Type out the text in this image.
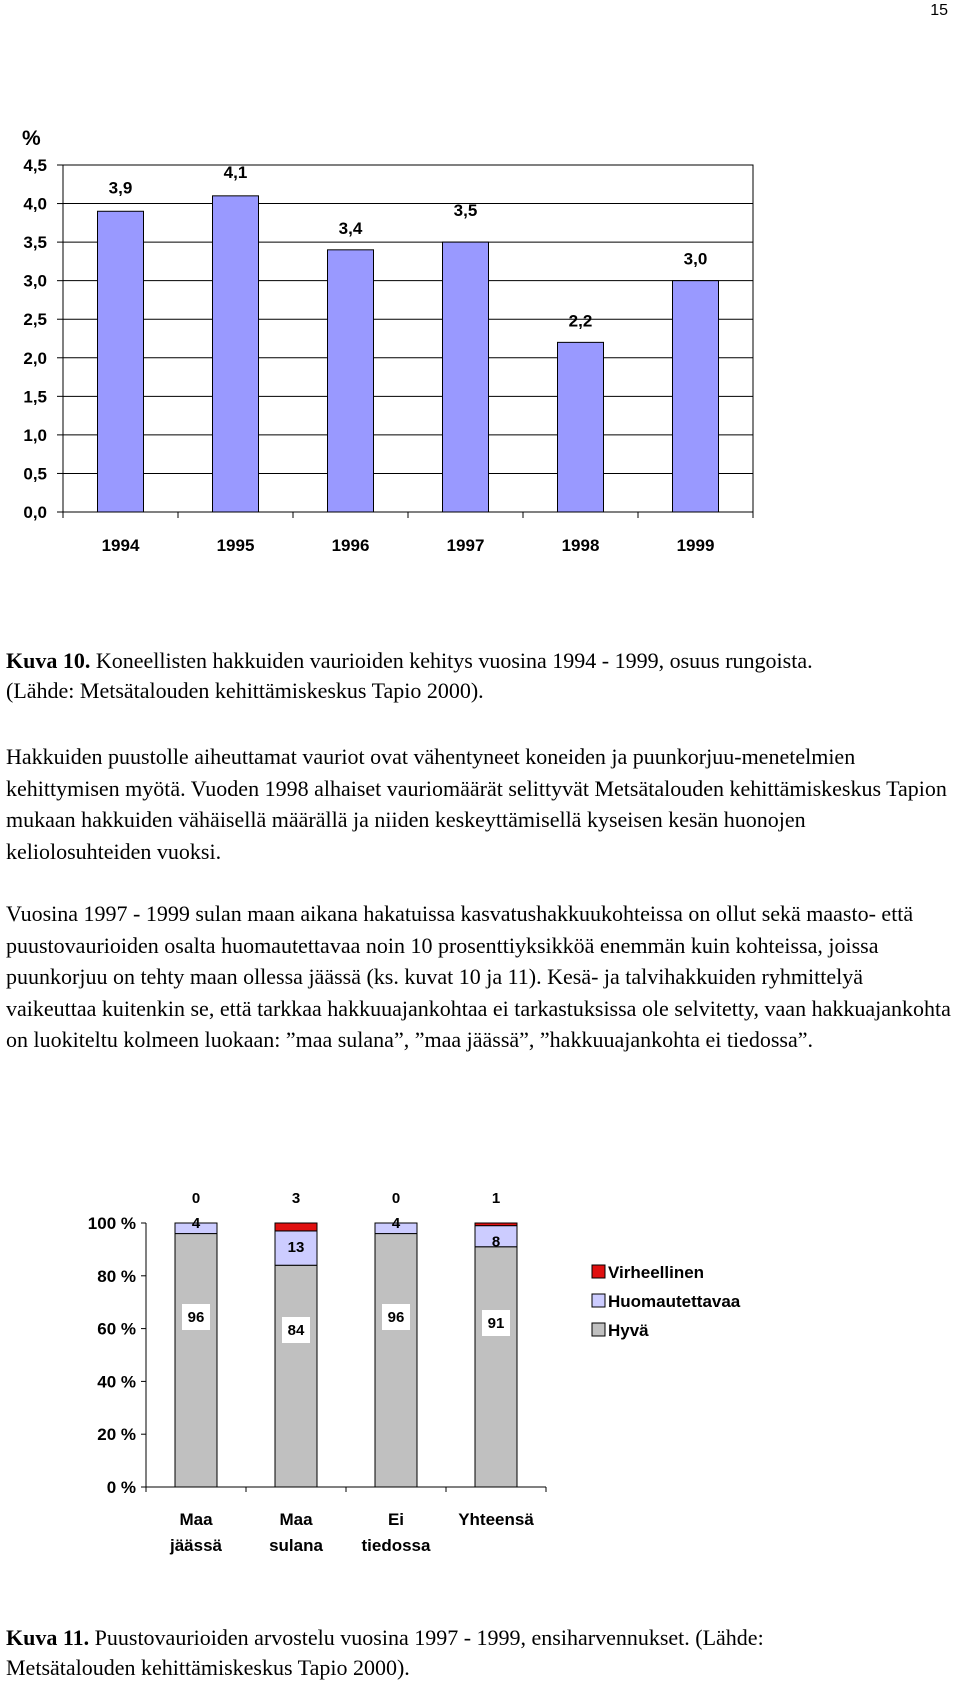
15
%
0,0
0,5
1,0
1,5
2,0
2,5
3,0
3,5
4,0
4,5
3,9
1994
4,1
1995
3,4
1996
3,5
1997
2,2
1998
3,0
1999
Kuva 10. Koneellisten hakkuiden vaurioiden kehitys vuosina 1994 - 1999, osuus rungoista.
(Lähde: Metsätalouden kehittämiskeskus Tapio 2000).
Hakkuiden puustolle aiheuttamat vauriot ovat vähentyneet koneiden ja puunkorjuu-menetelmien kehittymisen myötä. Vuoden 1998 alhaiset vauriomäärät selittyvät Metsätalouden kehittämiskeskus Tapion mukaan hakkuiden vähäisellä määrällä ja niiden keskeyttämisellä kyseisen kesän huonojen keliolosuhteiden vuoksi.
Vuosina 1997 - 1999 sulan maan aikana hakatuissa kasvatushakkuukohteissa on ollut sekä maasto- että puustovaurioiden osalta huomautettavaa noin 10 prosenttiyksikköä enemmän kuin kohteissa, joissa puunkorjuu on tehty maan ollessa jäässä (ks. kuvat 10 ja 11). Kesä- ja talvihakkuiden ryhmittelyä vaikeuttaa kuitenkin se, että tarkkaa hakkuuajankohtaa ei tarkastuksissa ole selvitetty, vaan hakkuajankohta on luokiteltu kolmeen luokaan: ”maa sulana”, ”maa jäässä”, ”hakkuuajankohta ei tiedossa”.
0 %
20 %
40 %
60 %
80 %
100 %
96
4
0
Maa
jäässä
84
13
3
Maa
sulana
96
4
0
Ei
tiedossa
91
8
1
Yhteensä
Virheellinen
Huomautettavaa
Hyvä
Kuva 11. Puustovaurioiden arvostelu vuosina 1997 - 1999, ensiharvennukset. (Lähde:
Metsätalouden kehittämiskeskus Tapio 2000).
